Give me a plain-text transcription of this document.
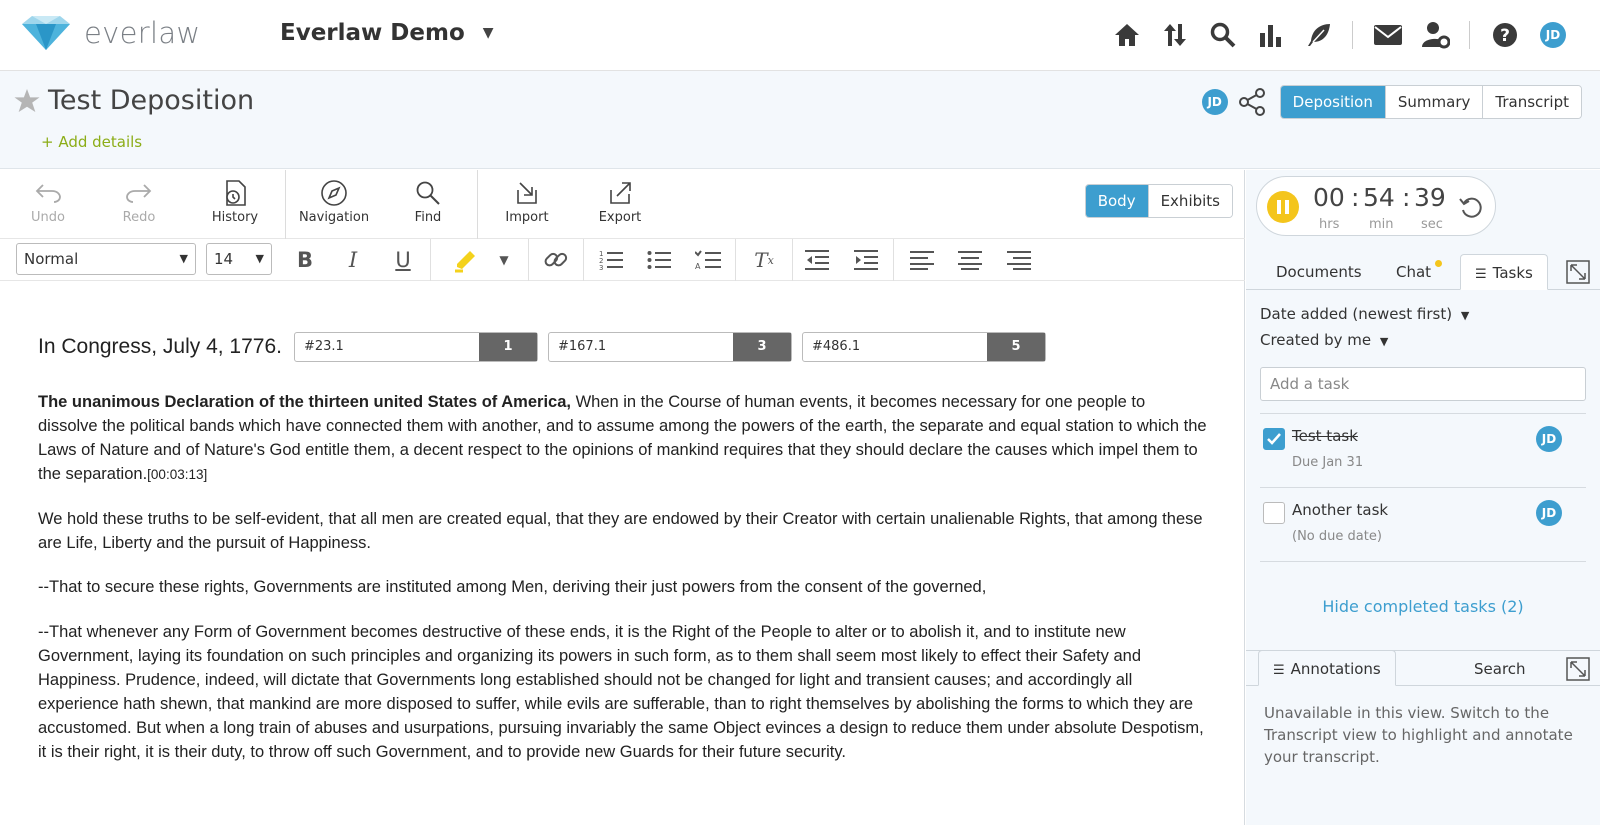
everlaw	Everlaw Demo ▼	?	JD
Test Deposition
+ Add details
JD	Deposition	Summary	Transcript
Undo	Redo	History	Navigation	Find	Import	Export
Body	Exhibits
Normal	▼	14 ▼	B	I	U	▼	1
2
3	A	T x
In Congress, July 4, 1776.	#23.1	1	#167.1	3	#486.1	5

The unanimous Declaration of the thirteen united States of America, When in the Course of human events, it becomes necessary for one people to dissolve the political bands which have connected them with another, and to assume among the powers of the earth, the separate and equal station to which the Laws of Nature and of Nature's God entitle them, a decent respect to the opinions of mankind requires that they should declare the causes which impel them to the separation.[00:03:13]

We hold these truths to be self-evident, that all men are created equal, that they are endowed by their Creator with certain unalienable Rights, that among these are Life, Liberty and the pursuit of Happiness.

--That to secure these rights, Governments are instituted among Men, deriving their just powers from the consent of the governed,

--That whenever any Form of Government becomes destructive of these ends, it is the Right of the People to alter or to abolish it, and to institute new Government, laying its foundation on such principles and organizing its powers in such form, as to them shall seem most likely to effect their Safety and Happiness. Prudence, indeed, will dictate that Governments long established should not be changed for light and transient causes; and accordingly all experience hath shewn, that mankind are more disposed to suffer, while evils are sufferable, than to right themselves by abolishing the forms to which they are accustomed. But when a long train of abuses and usurpations, pursuing invariably the same Object evinces a design to reduce them under absolute Despotism, it is their right, it is their duty, to throw off such Government, and to provide new Guards for their future security.

00 : 54 : 39
hrs min sec
Documents Chat	☰ Tasks
Date added (newest first) ▼
Created by me ▼
Add a task
Test task
Due Jan 31
JD
Another task
(No due date)
JD
Hide completed tasks (2)
☰ Annotations	Search
Unavailable in this view. Switch to the Transcript view to highlight and annotate your transcript.
